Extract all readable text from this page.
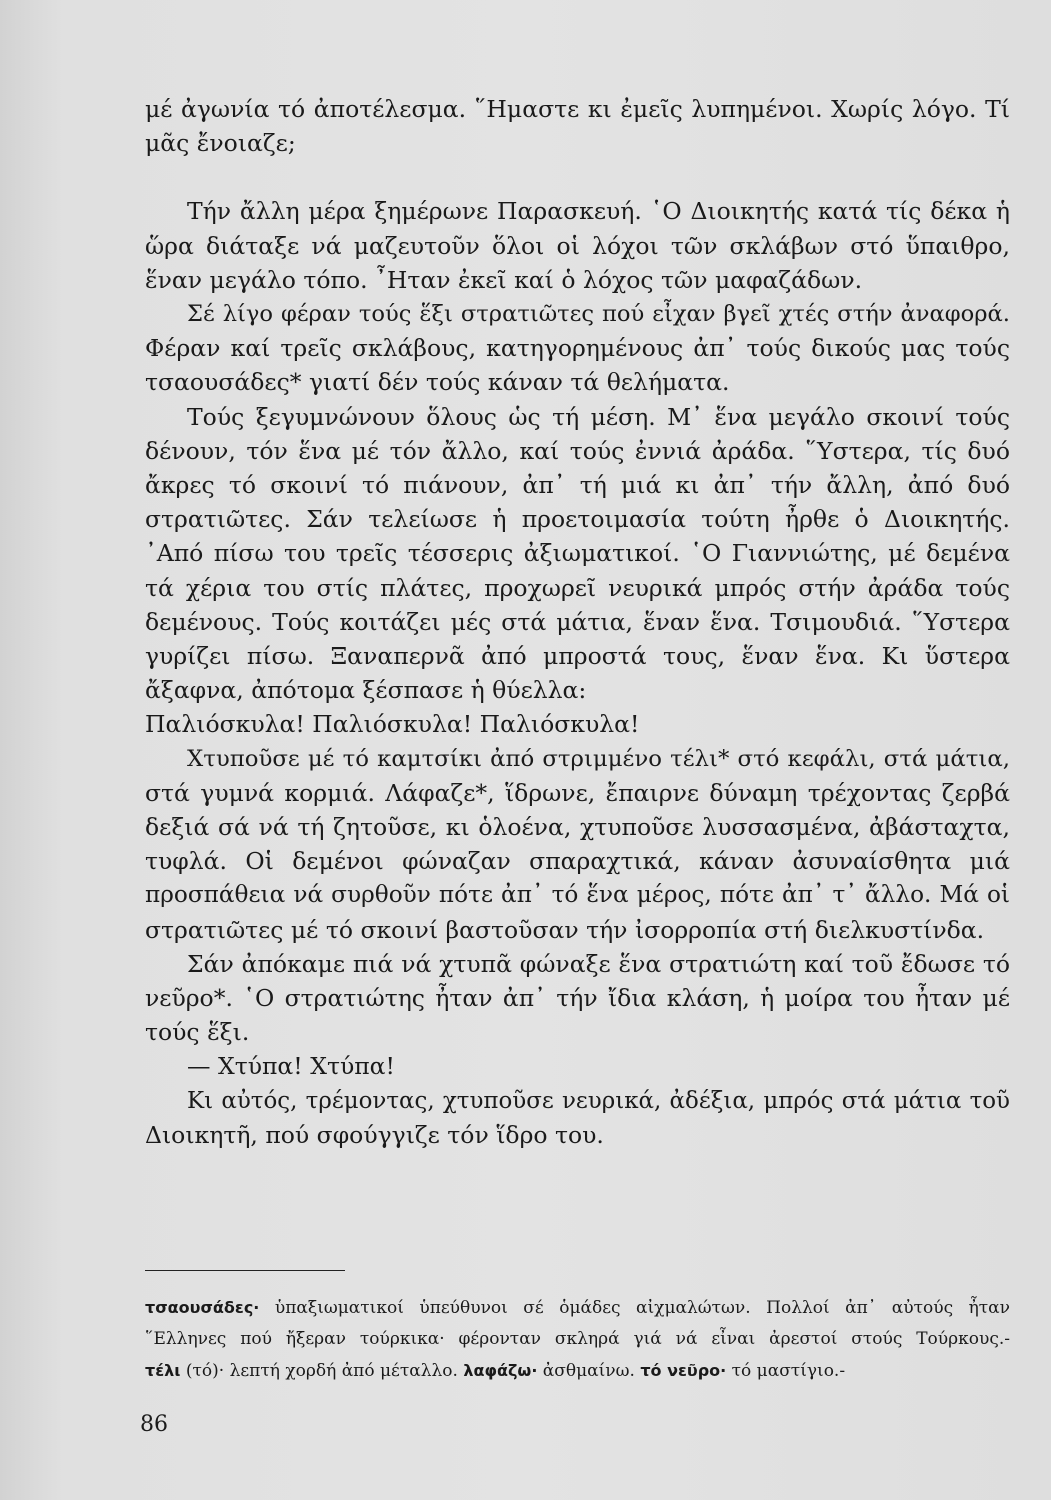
μέ ἀγωνία τό ἀποτέλεσμα. ῞Ημαστε κι ἐμεῖς λυπημένοι. Χωρίς λόγο. Τί
μᾶς ἔνοιαζε;
Τήν ἄλλη μέρα ξημέρωνε Παρασκευή. ῾Ο Διοικητής κατά τίς δέκα ἡ
ὥρα διάταξε νά μαζευτοῦν ὅλοι οἱ λόχοι τῶν σκλάβων στό ὕπαιθρο,
ἕναν μεγάλο τόπο. ῏Ηταν ἐκεῖ καί ὁ λόχος τῶν μαφαζάδων.
Σέ λίγο φέραν τούς ἕξι στρατιῶτες πού εἶχαν βγεῖ χτές στήν ἀναφορά.
Φέραν καί τρεῖς σκλάβους, κατηγορημένους ἀπ᾽ τούς δικούς μας τούς
τσαουσάδες* γιατί δέν τούς κάναν τά θελήματα.
Τούς ξεγυμνώνουν ὅλους ὡς τή μέση. Μ᾽ ἕνα μεγάλο σκοινί τούς
δένουν, τόν ἕνα μέ τόν ἄλλο, καί τούς ἐννιά ἀράδα. ῞Υστερα, τίς δυό
ἄκρες τό σκοινί τό πιάνουν, ἀπ᾽ τή μιά κι ἀπ᾽ τήν ἄλλη, ἀπό δυό
στρατιῶτες. Σάν τελείωσε ἡ προετοιμασία τούτη ἦρθε ὁ Διοικητής.
᾽Από πίσω του τρεῖς τέσσερις ἀξιωματικοί. ῾Ο Γιαννιώτης, μέ δεμένα
τά χέρια του στίς πλάτες, προχωρεῖ νευρικά μπρός στήν ἀράδα τούς
δεμένους. Τούς κοιτάζει μές στά μάτια, ἕναν ἕνα. Τσιμουδιά. ῞Υστερα
γυρίζει πίσω. Ξαναπερνᾶ ἀπό μπροστά τους, ἕναν ἕνα. Κι ὕστερα
ἄξαφνα, ἀπότομα ξέσπασε ἡ θύελλα:
Παλιόσκυλα! Παλιόσκυλα! Παλιόσκυλα!
Χτυποῦσε μέ τό καμτσίκι ἀπό στριμμένο τέλι* στό κεφάλι, στά μάτια,
στά γυμνά κορμιά. Λάφαζε*, ἵδρωνε, ἔπαιρνε δύναμη τρέχοντας ζερβά
δεξιά σά νά τή ζητοῦσε, κι ὁλοένα, χτυποῦσε λυσσασμένα, ἀβάσταχτα,
τυφλά. Οἱ δεμένοι φώναζαν σπαραχτικά, κάναν ἀσυναίσθητα μιά
προσπάθεια νά συρθοῦν πότε ἀπ᾽ τό ἕνα μέρος, πότε ἀπ᾽ τ᾽ ἄλλο. Μά οἱ
στρατιῶτες μέ τό σκοινί βαστοῦσαν τήν ἰσορροπία στή διελκυστίνδα.
Σάν ἀπόκαμε πιά νά χτυπᾶ φώναξε ἕνα στρατιώτη καί τοῦ ἔδωσε τό
νεῦρο*. ῾Ο στρατιώτης ἦταν ἀπ᾽ τήν ἴδια κλάση, ἡ μοίρα του ἦταν μέ
τούς ἕξι.
— Χτύπα! Χτύπα!
Κι αὐτός, τρέμοντας, χτυποῦσε νευρικά, ἀδέξια, μπρός στά μάτια τοῦ
Διοικητῆ, πού σφούγγιζε τόν ἵδρο του.
τσαουσάδες· ὑπαξιωματικοί ὑπεύθυνοι σέ ὁμάδες αἰχμαλώτων. Πολλοί ἀπ᾽ αὐτούς ἦταν
῞Ελληνες πού ἤξεραν τούρκικα· φέρονταν σκληρά γιά νά εἶναι ἀρεστοί στούς Τούρκους.-
τέλι (τό)· λεπτή χορδή ἀπό μέταλλο. λαφάζω· ἀσθμαίνω. τό νεῦρο· τό μαστίγιο.-
86
